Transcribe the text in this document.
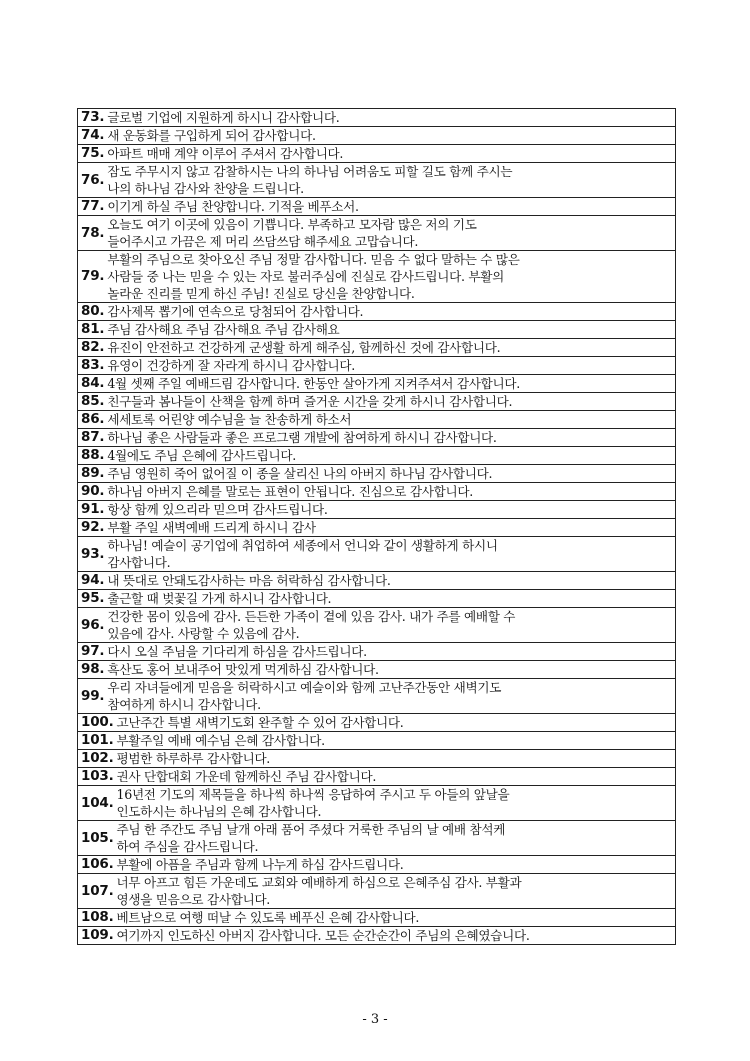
73. 글로벌 기업에 지원하게 하시니 감사합니다.

74. 새 운동화를 구입하게 되어 감사합니다.

75. 아파트 매매 계약 이루어 주셔서 감사합니다.

76. 잠도 주무시지 않고 감찰하시는 나의 하나님 어려움도 피할 길도 함께 주시는
나의 하나님 감사와 찬양을 드립니다.

77. 이기게 하실 주님 찬양합니다. 기적을 베푸소서.

78. 오늘도 여기 이곳에 있음이 기쁩니다. 부족하고 모자람 많은 저의 기도
들어주시고 가끔은 제 머리 쓰담쓰담 해주세요 고맙습니다.

79.
부활의 주님으로 찾아오신 주님 정말 감사합니다. 믿음 수 없다 말하는 수 많은
사람들 중 나는 믿을 수 있는 자로 불러주심에 진실로 감사드립니다. 부활의
놀라운 진리를 믿게 하신 주님! 진실로 당신을 찬양합니다.

80. 감사제목 뽑기에 연속으로 당첨되어 감사합니다.

81. 주님 감사해요 주님 감사해요 주님 감사해요

82. 유진이 안전하고 건강하게 군생활 하게 해주심, 함께하신 것에 감사합니다.

83. 유영이 건강하게 잘 자라게 하시니 감사합니다.

84. 4월 셋째 주일 예배드림 감사합니다. 한동안 살아가게 지켜주셔서 감사합니다.

85. 친구들과 봄나들이 산책을 함께 하며 즐거운 시간을 갖게 하시니 감사합니다.

86. 세세토록 어린양 예수님을 늘 찬송하게 하소서

87. 하나님 좋은 사람들과 좋은 프로그램 개발에 참여하게 하시니 감사합니다.

88. 4월에도 주님 은혜에 감사드립니다.

89. 주님 영원히 죽어 없어질 이 종을 살리신 나의 아버지 하나님 감사합니다.

90. 하나님 아버지 은혜를 말로는 표현이 안됩니다. 진심으로 감사합니다.

91. 항상 함께 있으리라 믿으며 감사드립니다.

92. 부활 주일 새벽예배 드리게 하시니 감사

93. 하나님! 예슬이 공기업에 취업하여 세종에서 언니와 같이 생활하게 하시니
감사합니다.

94. 내 뜻대로 안돼도감사하는 마음 허락하심 감사합니다.

95. 출근할 때 벚꽃길 가게 하시니 감사합니다.

96. 건강한 몸이 있음에 감사. 든든한 가족이 곁에 있음 감사. 내가 주를 예배할 수
있음에 감사. 사랑할 수 있음에 감사.

97. 다시 오실 주님을 기다리게 하심을 감사드립니다.

98. 흑산도 홍어 보내주어 맛있게 먹게하심 감사합니다.

99. 우리 자녀들에게 믿음을 허락하시고 예슬이와 함께 고난주간동안 새벽기도
참여하게 하시니 감사합니다.

100. 고난주간 특별 새벽기도회 완주할 수 있어 감사합니다.

101. 부활주일 예배 예수님 은혜 감사합니다.

102. 평범한 하루하루 감사합니다.

103. 권사 단합대회 가운데 함께하신 주님 감사합니다.

104. 16년전 기도의 제목들을 하나씩 하나씩 응답하여 주시고 두 아들의 앞날을
인도하시는 하나님의 은혜 감사합니다.

105. 주님 한 주간도 주님 날개 아래 품어 주셨다 거룩한 주님의 날 예배 참석케
하여 주심을 감사드립니다.

106. 부활에 아픔을 주님과 함께 나누게 하심 감사드립니다.

107. 너무 아프고 힘든 가운데도 교회와 예배하게 하심으로 은혜주심 감사. 부활과
영생을 믿음으로 감사합니다.

108. 베트남으로 여행 떠날 수 있도록 베푸신 은혜 감사합니다.

109. 여기까지 인도하신 아버지 감사합니다. 모든 순간순간이 주님의 은혜였습니다.
- 3 -
